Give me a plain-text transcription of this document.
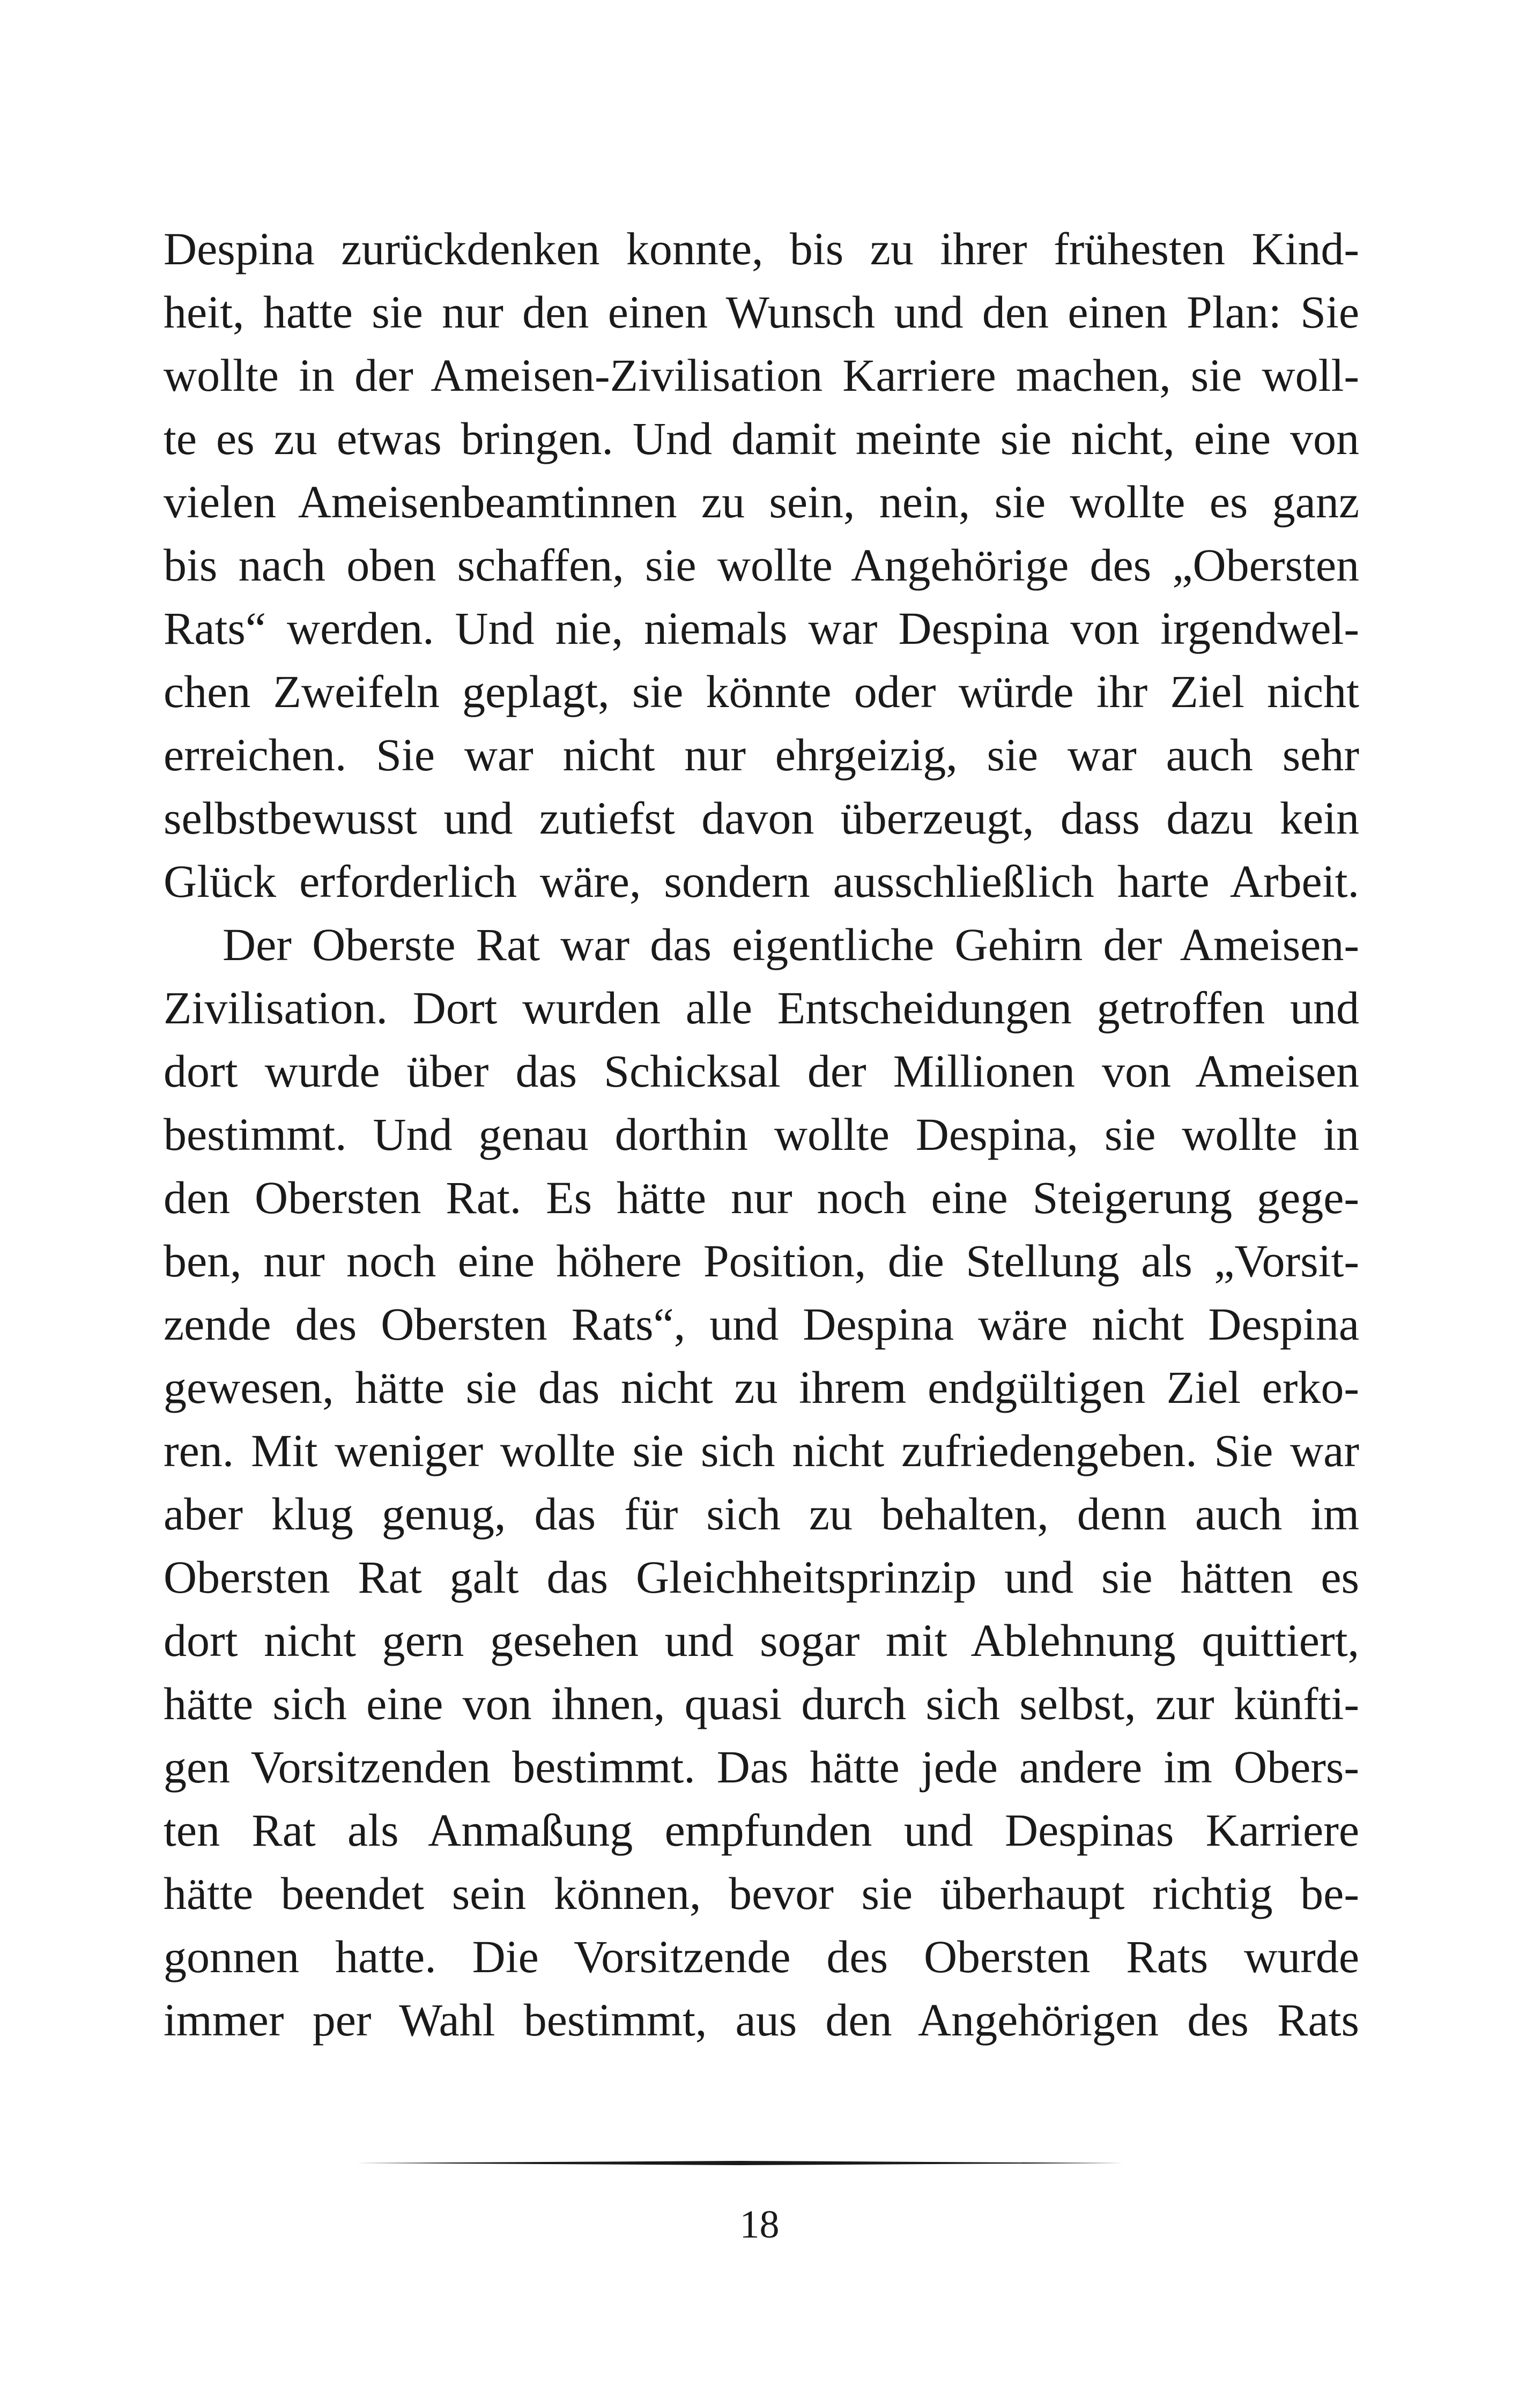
Despina zurückdenken konnte, bis zu ihrer frühesten Kind-
heit, hatte sie nur den einen Wunsch und den einen Plan: Sie
wollte in der Ameisen-Zivilisation Karriere machen, sie woll-
te es zu etwas bringen. Und damit meinte sie nicht, eine von
vielen Ameisenbeamtinnen zu sein, nein, sie wollte es ganz
bis nach oben schaffen, sie wollte Angehörige des „Obersten
Rats“ werden. Und nie, niemals war Despina von irgendwel-
chen Zweifeln geplagt, sie könnte oder würde ihr Ziel nicht
erreichen. Sie war nicht nur ehrgeizig, sie war auch sehr
selbstbewusst und zutiefst davon überzeugt, dass dazu kein
Glück erforderlich wäre, sondern ausschließlich harte Arbeit.
Der Oberste Rat war das eigentliche Gehirn der Ameisen-
Zivilisation. Dort wurden alle Entscheidungen getroffen und
dort wurde über das Schicksal der Millionen von Ameisen
bestimmt. Und genau dorthin wollte Despina, sie wollte in
den Obersten Rat. Es hätte nur noch eine Steigerung gege-
ben, nur noch eine höhere Position, die Stellung als „Vorsit-
zende des Obersten Rats“, und Despina wäre nicht Despina
gewesen, hätte sie das nicht zu ihrem endgültigen Ziel erko-
ren. Mit weniger wollte sie sich nicht zufriedengeben. Sie war
aber klug genug, das für sich zu behalten, denn auch im
Obersten Rat galt das Gleichheitsprinzip und sie hätten es
dort nicht gern gesehen und sogar mit Ablehnung quittiert,
hätte sich eine von ihnen, quasi durch sich selbst, zur künfti-
gen Vorsitzenden bestimmt. Das hätte jede andere im Obers-
ten Rat als Anmaßung empfunden und Despinas Karriere
hätte beendet sein können, bevor sie überhaupt richtig be-
gonnen hatte. Die Vorsitzende des Obersten Rats wurde
immer per Wahl bestimmt, aus den Angehörigen des Rats
18
